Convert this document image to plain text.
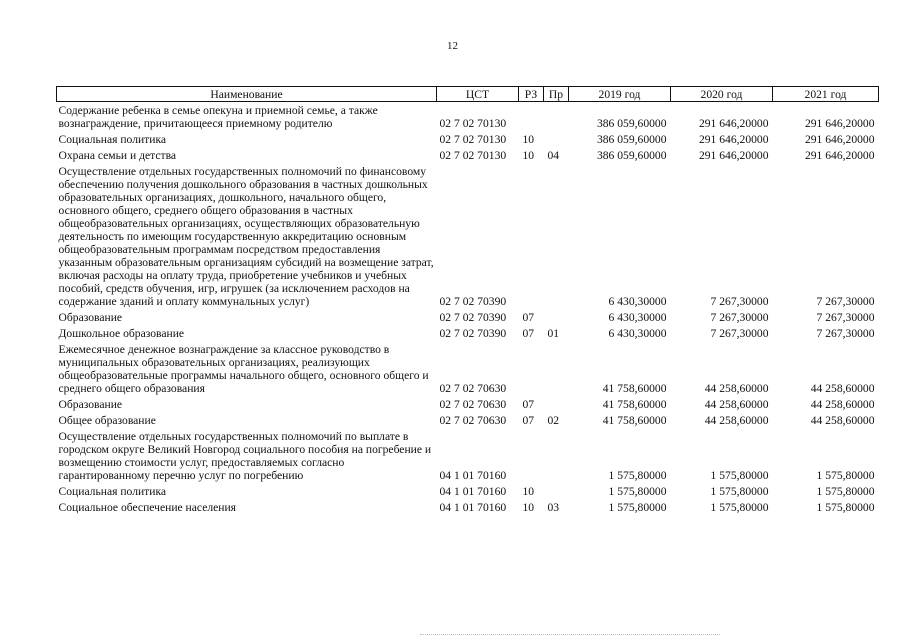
12
Наименование	ЦСТ	РЗ	Пр	2019 год	2020 год	2021 год
Содержание ребенка в семье опекуна и приемной семье, а также вознаграждение, причитающееся приемному родителю	02 7 02 70130			386 059,60000	291 646,20000	291 646,20000
Социальная политика	02 7 02 70130	10		386 059,60000	291 646,20000	291 646,20000
Охрана семьи и детства	02 7 02 70130	10	04	386 059,60000	291 646,20000	291 646,20000
Осуществление отдельных государственных полномочий по финансовому обеспечению получения дошкольного образования в частных дошкольных образовательных организациях, дошкольного, начального общего, основного общего, среднего общего образования в частных общеобразовательных организациях, осуществляющих образовательную деятельность по имеющим государственную аккредитацию основным общеобразовательным программам посредством предоставления указанным образовательным организациям субсидий на возмещение затрат, включая расходы на оплату труда, приобретение учебников и учебных пособий, средств обучения, игр, игрушек (за исключением расходов на содержание зданий и оплату коммунальных услуг)	02 7 02 70390			6 430,30000	7 267,30000	7 267,30000
Образование	02 7 02 70390	07		6 430,30000	7 267,30000	7 267,30000
Дошкольное образование	02 7 02 70390	07	01	6 430,30000	7 267,30000	7 267,30000
Ежемесячное денежное вознаграждение за классное руководство в муниципальных образовательных организациях, реализующих общеобразовательные программы начального общего, основного общего и среднего общего образования	02 7 02 70630			41 758,60000	44 258,60000	44 258,60000
Образование	02 7 02 70630	07		41 758,60000	44 258,60000	44 258,60000
Общее образование	02 7 02 70630	07	02	41 758,60000	44 258,60000	44 258,60000
Осуществление отдельных государственных полномочий по выплате в городском округе Великий Новгород социального пособия на погребение и возмещению стоимости услуг, предоставляемых согласно гарантированному перечню услуг по погребению	04 1 01 70160			1 575,80000	1 575,80000	1 575,80000
Социальная политика	04 1 01 70160	10		1 575,80000	1 575,80000	1 575,80000
Социальное обеспечение населения	04 1 01 70160	10	03	1 575,80000	1 575,80000	1 575,80000
